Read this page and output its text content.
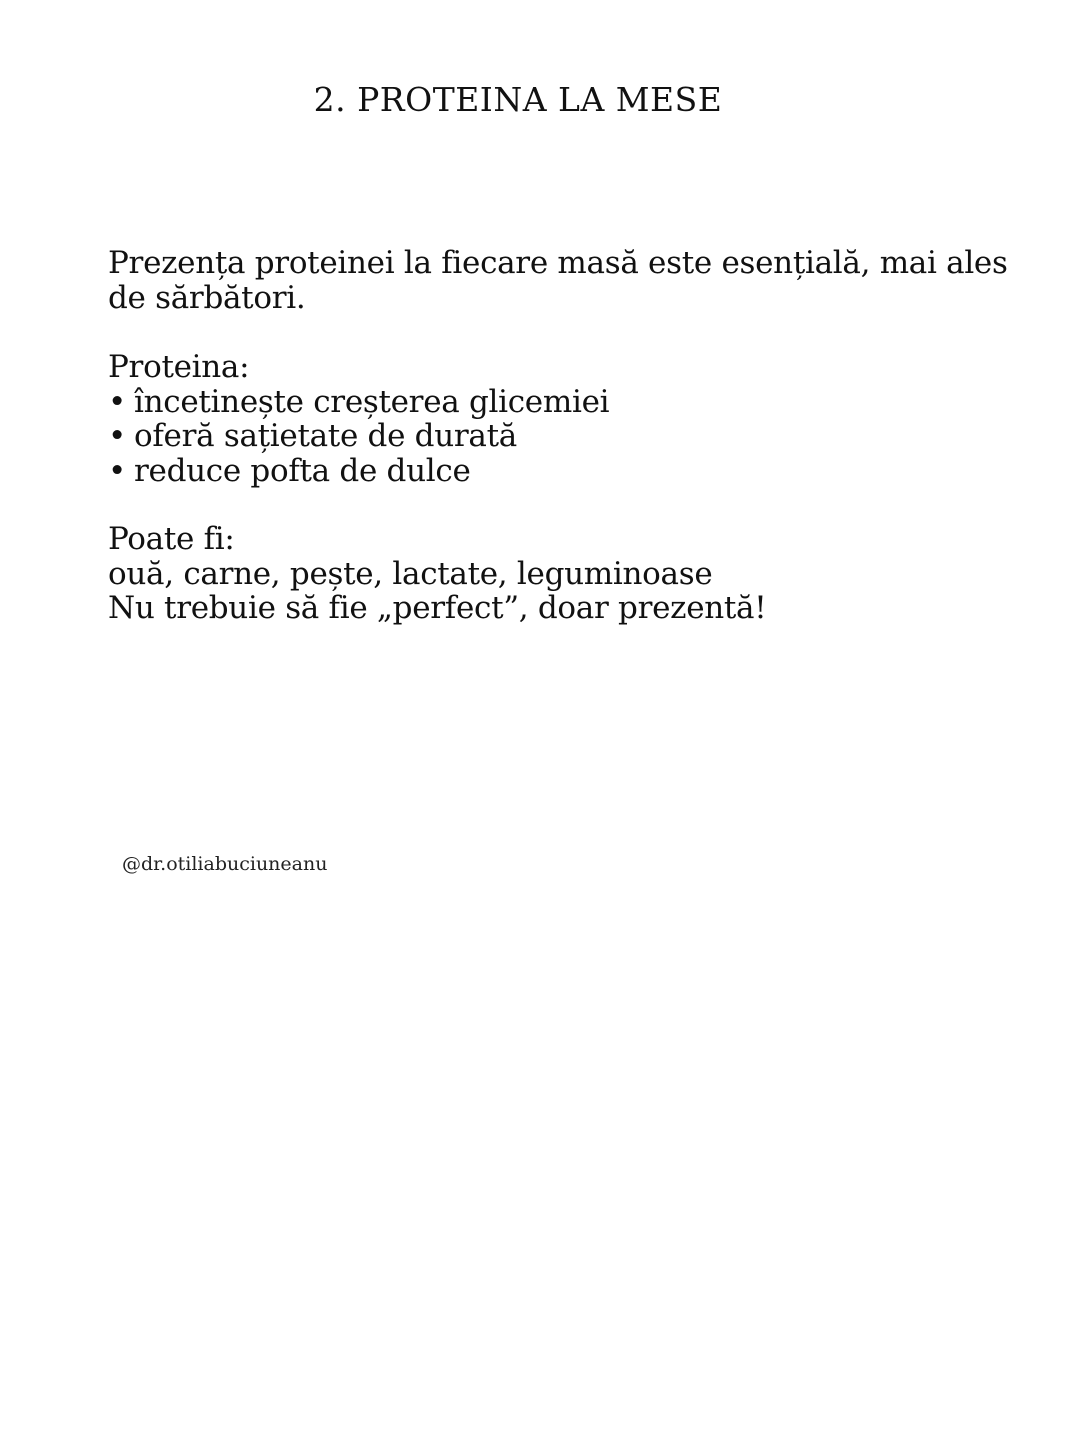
2. PROTEINA LA MESE
Prezența proteinei la fiecare masă este esențială, mai ales
de sărbători.
Proteina:
• încetinește creșterea glicemiei
• oferă sațietate de durată
• reduce pofta de dulce
Poate fi:
ouă, carne, pește, lactate, leguminoase
Nu trebuie să fie „perfect”, doar prezentă!
@dr.otiliabuciuneanu
